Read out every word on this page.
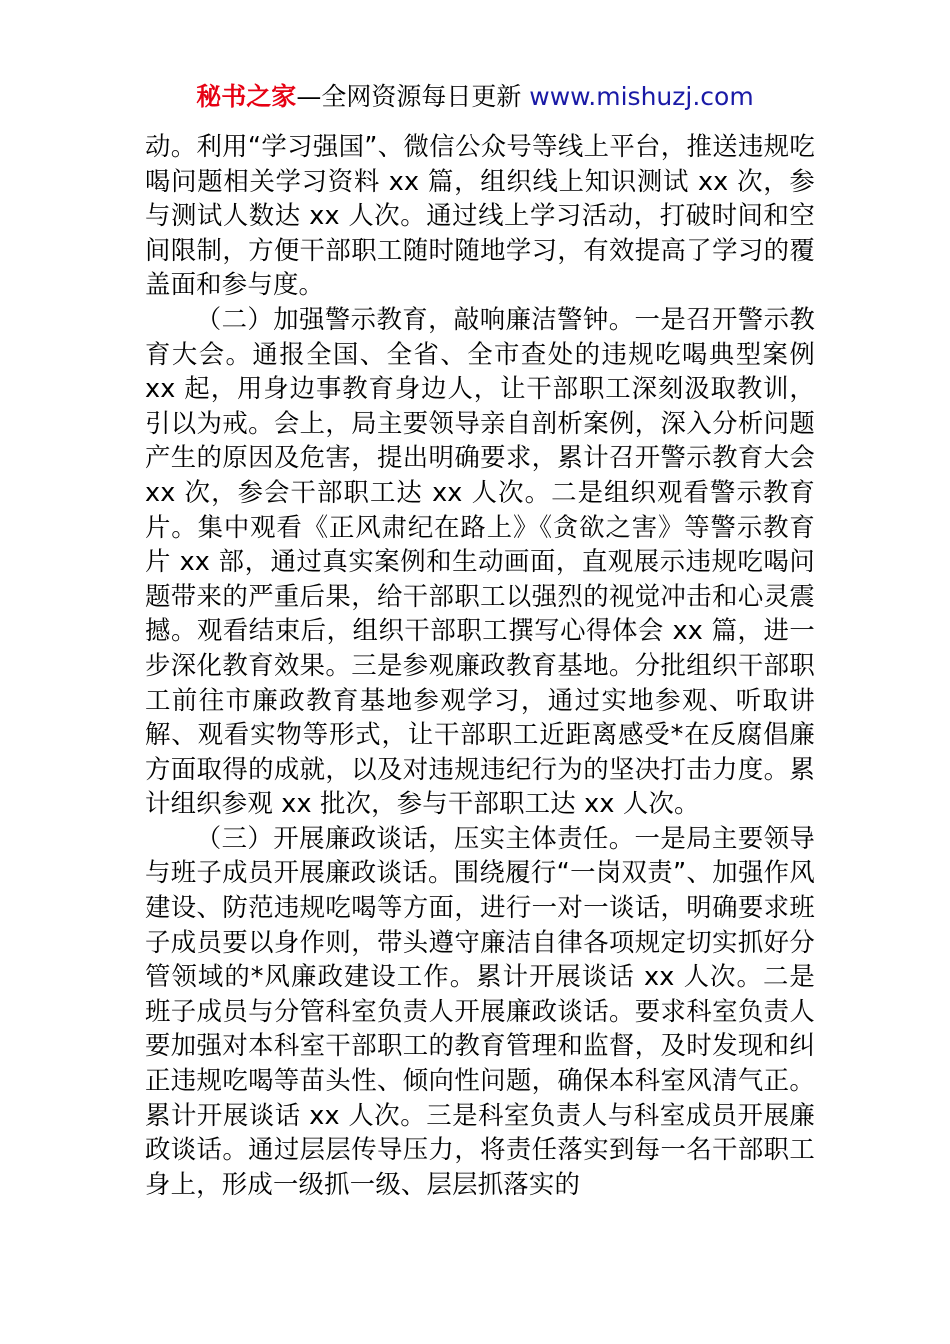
秘书之家—全网资源每日更新 www.mishuzj.com

动。利用“学习强国”、微信公众号等线上平台，推送违规吃喝问题相关学习资料 xx 篇，组织线上知识测试 xx 次，参与测试人数达 xx 人次。通过线上学习活动，打破时间和空间限制，方便干部职工随时随地学习，有效提高了学习的覆盖面和参与度。

（二）加强警示教育，敲响廉洁警钟。一是召开警示教育大会。通报全国、全省、全市查处的违规吃喝典型案例 xx 起，用身边事教育身边人，让干部职工深刻汲取教训，引以为戒。会上，局主要领导亲自剖析案例，深入分析问题产生的原因及危害，提出明确要求，累计召开警示教育大会 xx 次，参会干部职工达 xx 人次。二是组织观看警示教育片。集中观看《正风肃纪在路上》《贪欲之害》等警示教育片 xx 部，通过真实案例和生动画面，直观展示违规吃喝问题带来的严重后果，给干部职工以强烈的视觉冲击和心灵震撼。观看结束后，组织干部职工撰写心得体会 xx 篇，进一步深化教育效果。三是参观廉政教育基地。分批组织干部职工前往市廉政教育基地参观学习，通过实地参观、听取讲解、观看实物等形式，让干部职工近距离感受*在反腐倡廉方面取得的成就，以及对违规违纪行为的坚决打击力度。累计组织参观 xx 批次，参与干部职工达 xx 人次。

（三）开展廉政谈话，压实主体责任。一是局主要领导与班子成员开展廉政谈话。围绕履行“一岗双责”、加强作风建设、防范违规吃喝等方面，进行一对一谈话，明确要求班子成员要以身作则，带头遵守廉洁自律各项规定切实抓好分管领域的*风廉政建设工作。累计开展谈话 xx 人次。二是班子成员与分管科室负责人开展廉政谈话。要求科室负责人要加强对本科室干部职工的教育管理和监督，及时发现和纠正违规吃喝等苗头性、倾向性问题，确保本科室风清气正。累计开展谈话 xx 人次。三是科室负责人与科室成员开展廉政谈话。通过层层传导压力，将责任落实到每一名干部职工身上，形成一级抓一级、层层抓落实的
